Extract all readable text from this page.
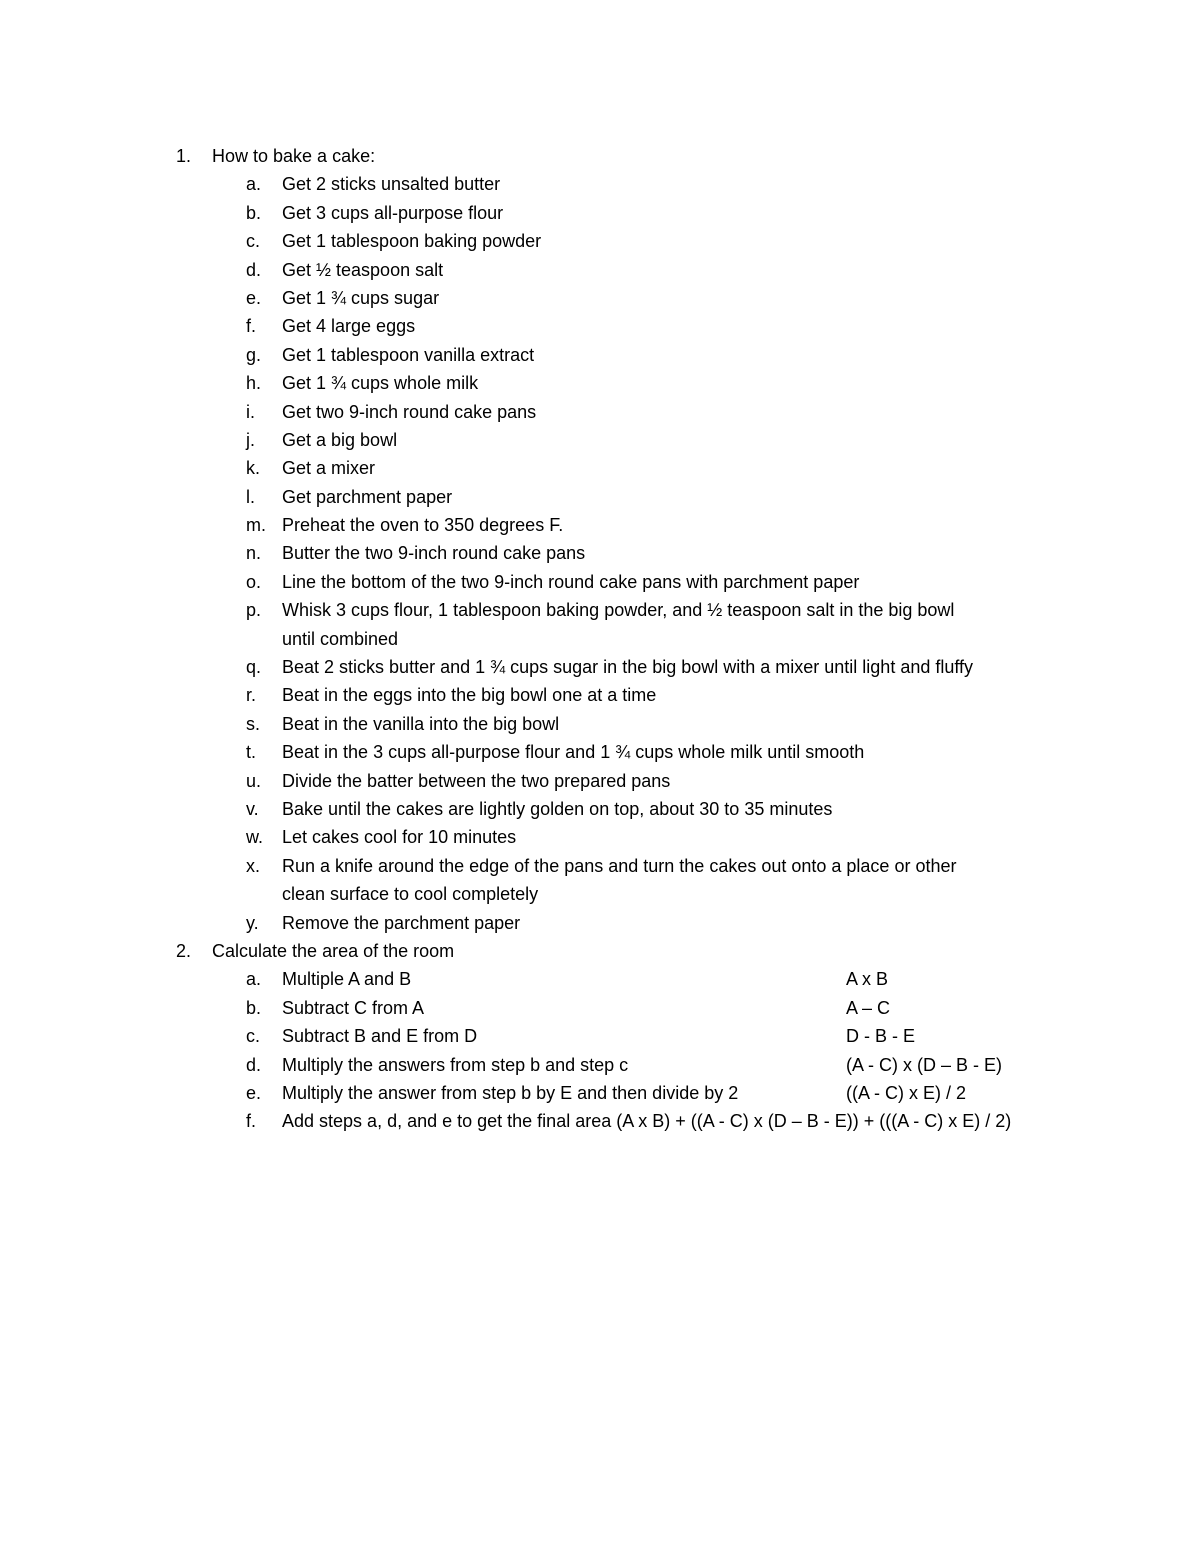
1. How to bake a cake:
a. Get 2 sticks unsalted butter
b. Get 3 cups all-purpose flour
c. Get 1 tablespoon baking powder
d. Get ½ teaspoon salt
e. Get 1 ¾ cups sugar
f. Get 4 large eggs
g. Get 1 tablespoon vanilla extract
h. Get 1 ¾ cups whole milk
i. Get two 9-inch round cake pans
j. Get a big bowl
k. Get a mixer
l. Get parchment paper
m. Preheat the oven to 350 degrees F.
n. Butter the two 9-inch round cake pans
o. Line the bottom of the two 9-inch round cake pans with parchment paper
p. Whisk 3 cups flour, 1 tablespoon baking powder, and ½ teaspoon salt in the big bowl
until combined
q. Beat 2 sticks butter and 1 ¾ cups sugar in the big bowl with a mixer until light and fluffy
r. Beat in the eggs into the big bowl one at a time
s. Beat in the vanilla into the big bowl
t. Beat in the 3 cups all-purpose flour and 1 ¾ cups whole milk until smooth
u. Divide the batter between the two prepared pans
v. Bake until the cakes are lightly golden on top, about 30 to 35 minutes
w. Let cakes cool for 10 minutes
x. Run a knife around the edge of the pans and turn the cakes out onto a place or other
clean surface to cool completely
y. Remove the parchment paper
2. Calculate the area of the room
a. Multiple A and B	A x B
b. Subtract C from A	A – C
c. Subtract B and E from D	D - B - E
d. Multiply the answers from step b and step c	(A - C) x (D – B - E)
e. Multiply the answer from step b by E and then divide by 2	((A - C) x E) / 2
f. Add steps a, d, and e to get the final area (A x B) + ((A - C) x (D – B - E)) + (((A - C) x E) / 2)
